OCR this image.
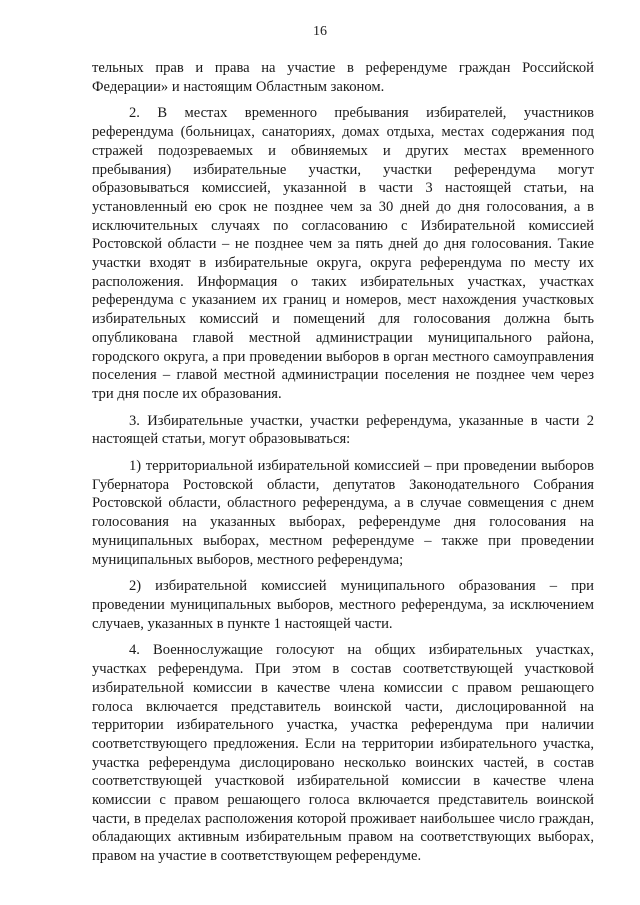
16

тельных прав и права на участие в референдуме граждан Российской Федерации» и настоящим Областным законом.

2. В местах временного пребывания избирателей, участников референдума (больницах, санаториях, домах отдыха, местах содержания под стражей подозреваемых и обвиняемых и других местах временного пребывания) избирательные участки, участки референдума могут образовываться комиссией, указанной в части 3 настоящей статьи, на установленный ею срок не позднее чем за 30 дней до дня голосования, а в исключительных случаях по согласованию с Избирательной комиссией Ростовской области – не позднее чем за пять дней до дня голосования. Такие участки входят в избирательные округа, округа референдума по месту их расположения. Информация о таких избирательных участках, участках референдума с указанием их границ и номеров, мест нахождения участковых избирательных комиссий и помещений для голосования должна быть опубликована главой местной администрации муниципального района, городского округа, а при проведении выборов в орган местного самоуправления поселения – главой местной администрации поселения не позднее чем через три дня после их образования.

3. Избирательные участки, участки референдума, указанные в части 2 настоящей статьи, могут образовываться:

1) территориальной избирательной комиссией – при проведении выборов Губернатора Ростовской области, депутатов Законодательного Собрания Ростовской области, областного референдума, а в случае совмещения с днем голосования на указанных выборах, референдуме дня голосования на муниципальных выборах, местном референдуме – также при проведении муниципальных выборов, местного референдума;

2) избирательной комиссией муниципального образования – при проведении муниципальных выборов, местного референдума, за исключением случаев, указанных в пункте 1 настоящей части.

4. Военнослужащие голосуют на общих избирательных участках, участках референдума. При этом в состав соответствующей участковой избирательной комиссии в качестве члена комиссии с правом решающего голоса включается представитель воинской части, дислоцированной на территории избирательного участка, участка референдума при наличии соответствующего предложения. Если на территории избирательного участка, участка референдума дислоцировано несколько воинских частей, в состав соответствующей участковой избирательной комиссии в качестве члена комиссии с правом решающего голоса включается представитель воинской части, в пределах расположения которой проживает наибольшее число граждан, обладающих активным избирательным правом на соответствующих выборах, правом на участие в соответствующем референдуме.
